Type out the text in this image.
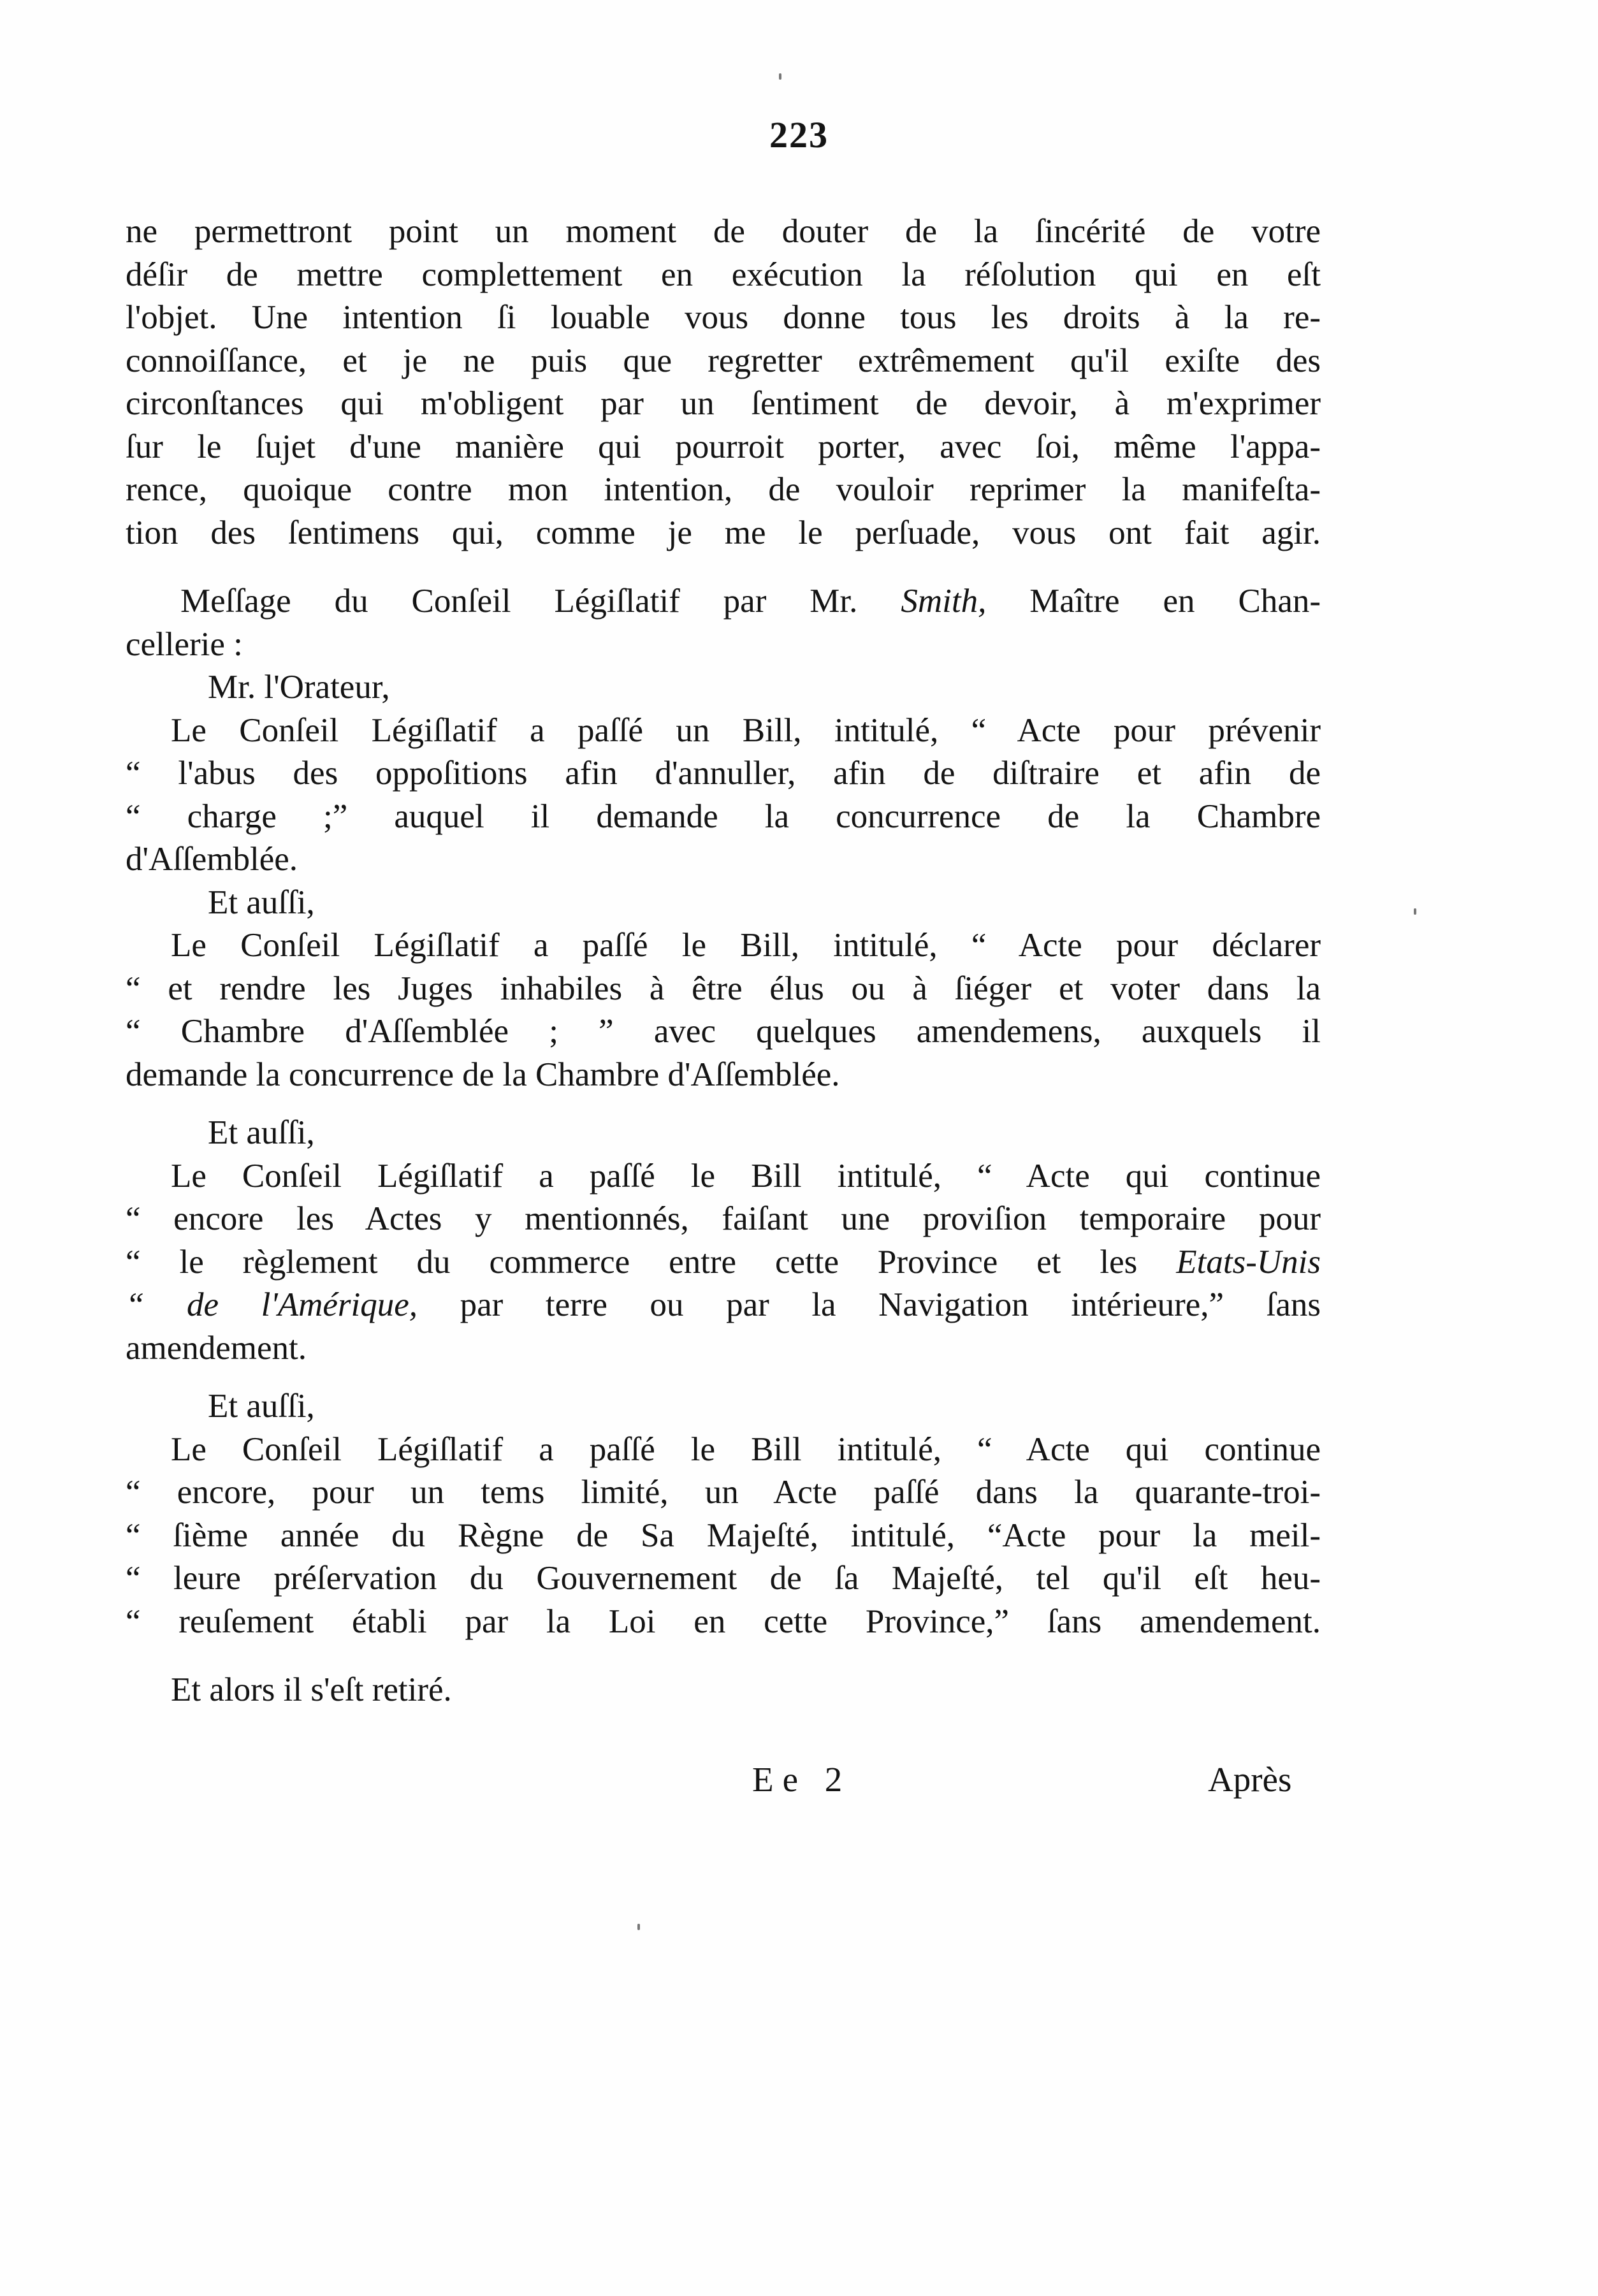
223
ne permettront point un moment de douter de la ſincérité de votre
déſir de mettre complettement en exécution la réſolution qui en eſt
l'objet. Une intention ſi louable vous donne tous les droits à la re-
connoiſſance, et je ne puis que regretter extrêmement qu'il exiſte des
circonſtances qui m'obligent par un ſentiment de devoir, à m'exprimer
ſur le ſujet d'une manière qui pourroit porter, avec ſoi, même l'appa-
rence, quoique contre mon intention, de vouloir reprimer la manifeſta-
tion des ſentimens qui, comme je me le perſuade, vous ont fait agir.
Meſſage du Conſeil Légiſlatif par Mr. Smith, Maître en Chan-
cellerie :
Mr. l'Orateur,
Le Conſeil Légiſlatif a paſſé un Bill, intitulé, “ Acte pour prévenir
“ l'abus des oppoſitions afin d'annuller, afin de diſtraire et afin de
“ charge ;” auquel il demande la concurrence de la Chambre
d'Aſſemblée.
Et auſſi,
Le Conſeil Légiſlatif a paſſé le Bill, intitulé, “ Acte pour déclarer
“ et rendre les Juges inhabiles à être élus ou à ſiéger et voter dans la
“ Chambre d'Aſſemblée ; ” avec quelques amendemens, auxquels il
demande la concurrence de la Chambre d'Aſſemblée.
Et auſſi,
Le Conſeil Légiſlatif a paſſé le Bill intitulé, “ Acte qui continue
“ encore les Actes y mentionnés, faiſant une proviſion temporaire pour
“ le règlement du commerce entre cette Province et les Etats-Unis
“ de l'Amérique, par terre ou par la Navigation intérieure,” ſans
amendement.
Et auſſi,
Le Conſeil Légiſlatif a paſſé le Bill intitulé, “ Acte qui continue
“ encore, pour un tems limité, un Acte paſſé dans la quarante-troi-
“ ſième année du Règne de Sa Majeſté, intitulé, “Acte pour la meil-
“ leure préſervation du Gouvernement de ſa Majeſté, tel qu'il eſt heu-
“ reuſement établi par la Loi en cette Province,” ſans amendement.
Et alors il s'eſt retiré.
Ee 2	Après
